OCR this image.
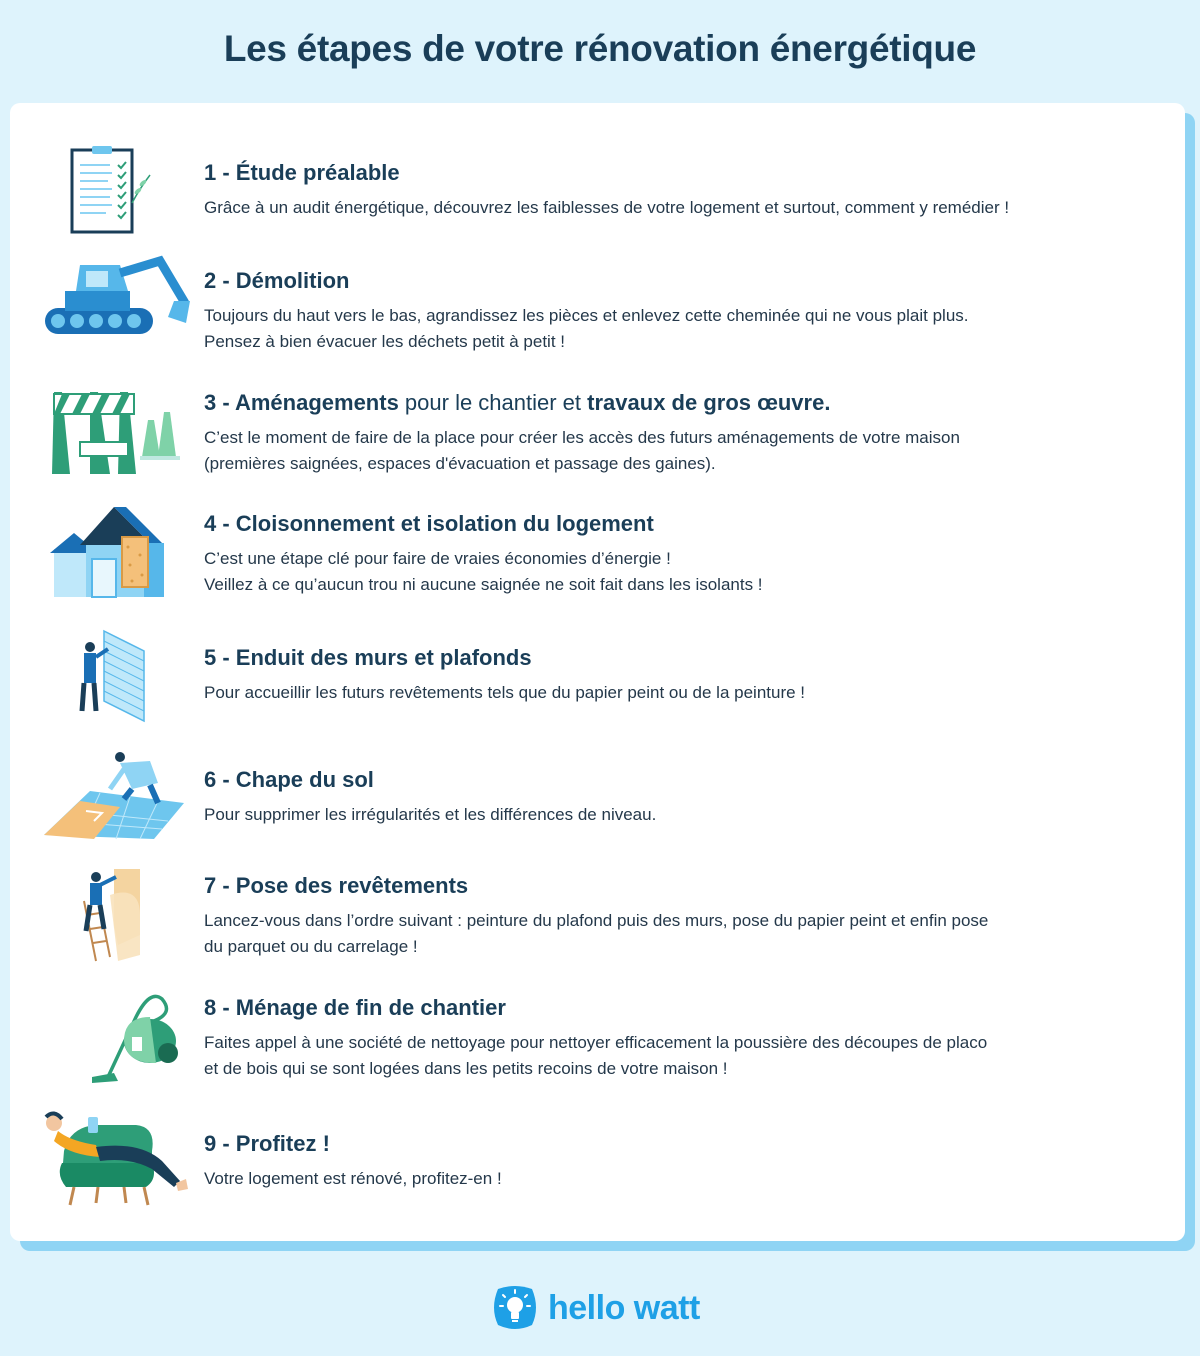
Les étapes de votre rénovation énergétique
1 - Étude préalable
Grâce à un audit énergétique, découvrez les faiblesses de votre logement et surtout, comment y remédier !
2 - Démolition
Toujours du haut vers le bas, agrandissez les pièces et enlevez cette cheminée qui ne vous plait plus.
Pensez à bien évacuer les déchets petit à petit !
3 - Aménagements pour le chantier et travaux de gros œuvre.
C’est le moment de faire de la place pour créer les accès des futurs aménagements de votre maison
(premières saignées, espaces d'évacuation et passage des gaines).
4 - Cloisonnement et isolation du logement
C’est une étape clé pour faire de vraies économies d’énergie !
Veillez à ce qu’aucun trou ni aucune saignée ne soit fait dans les isolants !
5 - Enduit des murs et plafonds
Pour accueillir les futurs revêtements tels que du papier peint ou de la peinture !
6 - Chape du sol
Pour supprimer les irrégularités et les différences de niveau.
7 - Pose des revêtements
Lancez-vous dans l’ordre suivant : peinture du plafond puis des murs, pose du papier peint et enfin pose
du parquet ou du carrelage !
8 - Ménage de fin de chantier
Faites appel à une société de nettoyage pour nettoyer efficacement la poussière des découpes de placo
et de bois qui se sont logées dans les petits recoins de votre maison !
9 - Profitez !
Votre logement est rénové, profitez-en !
hello watt
